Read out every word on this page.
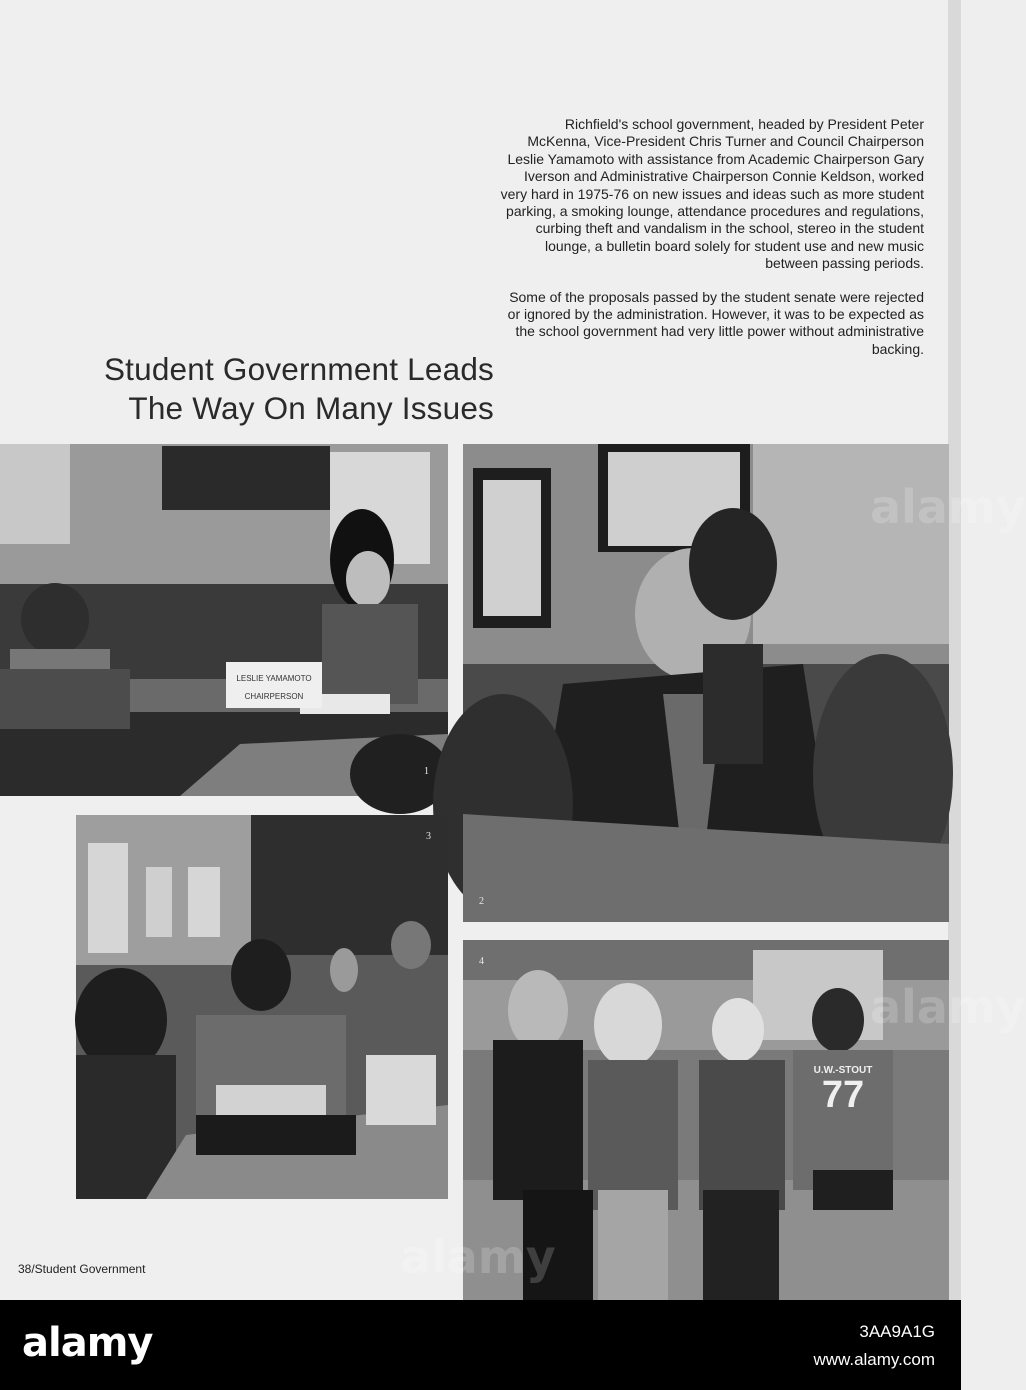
Richfield's school government, headed by President Peter McKenna, Vice-President Chris Turner and Council Chairperson Leslie Yamamoto with assistance from Academic Chairperson Gary Iverson and Administrative Chairperson Connie Keldson, worked very hard in 1975-76 on new issues and ideas such as more student parking, a smoking lounge, attendance procedures and regulations, curbing theft and vandalism in the school, stereo in the student lounge, a bulletin board solely for student use and new music between passing periods.

Some of the proposals passed by the student senate were rejected or ignored by the administration. However, it was to be expected as the school government had very little power without administrative backing.

Student Government Leads
The Way On Many Issues
LESLIE YAMAMOTO
CHAIRPERSON
1
2
3
U.W.-STOUT
77
4
38/Student Government
alamy	3AA9A1G
www.alamy.com
